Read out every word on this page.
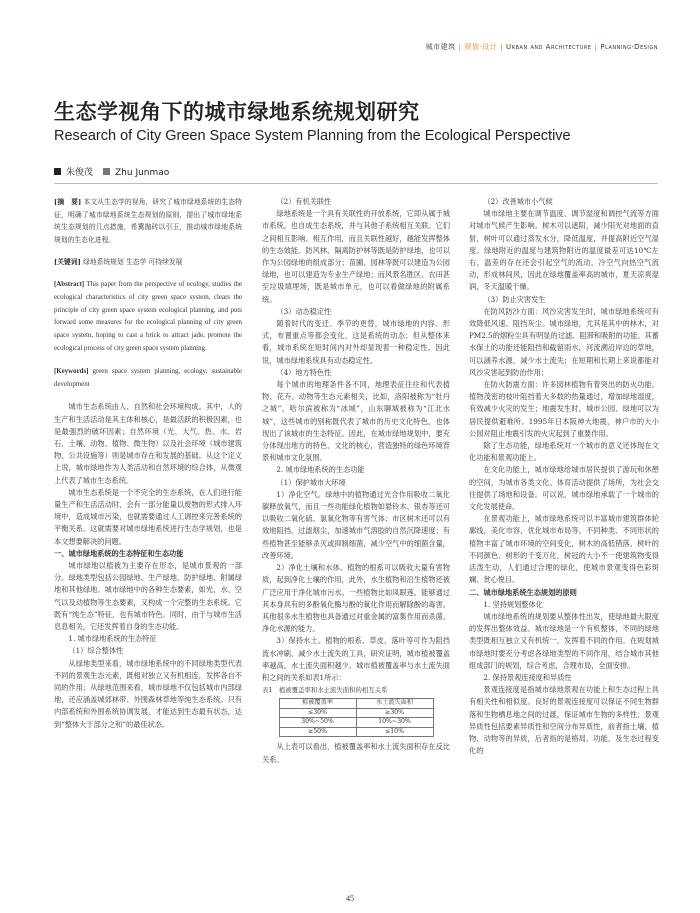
城市建筑 | 规划·设计 | Urban and Architecture | Planning·Design
生态学视角下的城市绿地系统规划研究
Research of City Green Space System Planning from the Ecological Perspective
朱俊茂 Zhu Junmao
[摘　要] 本文从生态学的视角，研究了城市绿地系统的生态特征，明确了城市绿地系统生态规划的原则，提出了城市绿地系统生态规划的几点措施，希冀抛砖以引玉，推动城市绿地系统规划的生态化进程。
[关键词] 绿地系统规划 生态学 可持续发展
[Abstract] This paper from the perspective of ecology, studies the ecological characteristics of city green space system, clears the principle of city green space system ecological planning, and puts forward some measures for the ecological planning of city green space system, hoping to cast a brick to attract jade, promote the ecological process of city green space system planning.
[Keywords] green space system planning, ecology, sustainable development

城市生态系统由人、自然和社会环境构成。其中，人的生产和生活活动是其主体和核心，是最活跃的积极因素，也是最强烈的破坏因素；自然环境（光、大气、热、水、岩石、土壤、动物、植物、微生物）以及社会环境（城市建筑物、公共设施等）则是城市存在和发展的基础。从这个定义上说，城市绿地作为人类活动和自然环境的综合体，从微观上代表了城市生态系统。

城市生态系统是一个不完全的生态系统，在人们进行能量生产和生活活动时，会有一部分能量以废物的形式排入环境中，造成城市污染，也就需要通过人工调控来完善系统的平衡关系。这就需要对城市绿地系统进行生态学规划，也是本文想要解决的问题。

一、城市绿地系统的生态特征和生态功能

城市绿地以植被为主要存在形态，是城市景观的一部分。绿地类型包括公园绿地、生产绿地、防护绿地、附属绿地和其他绿地。城市绿地中的各种生态要素，如光、水、空气以及动植物等生态要素，又构成一个完整的生态系统。它既有“纯生态”特征，也有城市特色。同时，由于与城市生活息息相关，它还发挥着自身的生态功能。

1. 城市绿地系统的生态特征

（1）综合整体性

从绿地类型来看，城市绿地系统中的不同绿地类型代表不同的景观生态元素，既相对独立又有机相连，发挥各自不同的作用；从绿地范围来看，城市绿地不仅包括城市内部绿地，还应涵盖城郊林带、外围森林草地等纯生态系统。只有内部系统和外围系统协调发展，才能达到生态最有状态，达到“整体大于部分之和”的最佳状态。

（2）有机关联性

绿地系统是一个具有关联性的开放系统，它即从属于城市系统，也自成生态系统，并与其他子系统相互关联。它们之间相互影响、相互作用，而且关联性越好，越能发挥整体的生态效能。防风林、隔离防护林等既是防护绿地，也可以作为公园绿地的组成部分；苗圃、园林等既可以建造为公园绿地，也可以建造为专业生产绿地；而风景名胜区、农田甚至垃圾填埋场，既是城市单元，也可以看做绿地的附属系统。

（3）动态稳定性

随着时代的变迁、季节的更替，城市绿地的内容、形式，布置重点等都会变化，这是系统的动态；但从整体来看，城市系统在短时间内对外却显现着一种稳定性。因此说，城市绿地系统具有动态稳定性。

（4）地方特色性

每个城市的地理条件各不同，地理表征往往和代表植物、花卉、动物等生态元素相关，比如，洛阳被称为“牡丹之城”，哈尔滨被称为“冰城”，山东聊城被称为“江北水城”，这些城市的别称既代表了城市的历史文化特色，也体现出了该城市的生态特征。因此，在城市绿地规划中，要充分体现出地方的特色、文化的核心，营造独特的绿色环境背景和城市文化氛围。

2. 城市绿地系统的生态功能

（1）保护城市大环境

1）净化空气。绿地中的植物通过光合作用吸收二氧化碳释放氧气，而且一些功能绿化植物如悬铃木、银杏等还可以吸收二氧化硫、氯氧化物等有害气体；市区树木还可以有效地阻挡、过滤烟尘，加速城市气溶胶的自然沉降速度；有些植物甚至能够杀灭或抑制细菌，减少空气中的细菌含量，改善环境。

2）净化土壤和水体。植物的根系可以吸收大量有害物质，起到净化土壤的作用，此外，水生植物和沿生植物还被广泛应用于净化城市污水。一些植物比如凤眼莲，能够通过其本身具有的多酚氧化酶与酚的氧化作用而解除酚的毒害。其他很多水生植物也具备通过对重金属的富集作用而杀菌、净化水源的能力。

3）保持水土。植物的根系、草皮、落叶等可作为阻挡流水冲刷、减少水土流失的工具，研究证明，城市植被覆盖率越高，水土流失面积越少。城市植被覆盖率与水土流失面积之间的关系如表1所示：

表1　植被覆盖率和水土流失面积的相互关系

植被覆盖率	水土流失面积
≤30%	≥30%
30%~50%	10%~30%
≥50%	≤10%

从上表可以看出，植被覆盖率和水土流失面积存在反比关系。

（2）改善城市小气候

城市绿地主要在调节温度、调节湿度和调控气流等方面对城市气候产生影响。树木可以遮阳，减少阳光对地面的直射，树叶可以通过蒸发水分，降低温度，并提高附近空气湿度。绿地附近的温度与建筑物附近的温度最差可达10℃左右，温差的存在还会引起空气的流动，冷空气向热空气流动，形成林间风，因此在绿地覆盖率高的城市，夏天凉爽湿润，冬天温暖干燥。

（3）防止灾害发生

在防风防沙方面：风沙灾害发生时，城市绿地系统可有效降低风速、阻挡灰尘。城市绿地，尤其是其中的林木，对PM2.5的烟粉尘具有明显的过滤、阻滞和吸附的功能。其蓄水保土的功能还能阻挡和截留雨水，河流溯沿岸边的草地，可以涵养水源，减少水土流失；在短期和长期上来说都能对风沙灾害起到防治作用；

在防火防震方面：许多园林植物有着突出的防火功能。植物茂密的枝叶阻挡着大多数的热量通过，增加绿地湿度，有效减少火灾的发生；地震发生时，城市公园、绿地可以为居民提供避难所。1995年日本阪神大地震，神户市的大小公园对阻止地震引发的火灾起到了重要作用。

除了生态功能，绿地系统对一个城市的意义还体现在文化功能和景观功能上。

在文化功能上，城市绿地给城市居民提供了游玩和休憩的空间，为城市各类文化、体育活动提供了场所，为社会交往提供了场地和设备。可以说，城市绿地承载了一个城市的文化发展使命。

在景观功能上，城市绿地系统可以丰富城市建筑群体轮廓线，美化市容，优化城市布局等。不同种类、不同形状的植物丰富了城市环境的空间变化，树木的高低错落、树叶的不同颜色、树形的千变万化，树冠的大小不一使建筑物变得活泼生动，人们通过合理的绿化，使城市景观变得色彩斑斓、赏心悦目。

二、城市绿地系统生态规划的原则

1. 坚持规划整体化

城市绿地系统的规划要从整体性出发，使绿地最大限度的发挥出整体效益。城市绿地是一个有机整体，不同的绿地类型既相互独立又有机统一，发挥着不同的作用。在规划城市绿地时要充分考虑各绿地类型的不同作用，结合城市其他组成部门的规划，综合考虑，合理布局，全面安排。

2. 保持景观连接度和异质性

景观连接度是指城市绿地景观在功能上和生态过程上具有相关性和相似度。良好的景观连接度可以保证不同生物群落和生物栖息地之间的过渡，保证城市生物的多样性；景观异质性包括要素异质性和空间分布异质性，前者指土壤、植物、动物等的异质，后者指的是格局、功能、及生态过程变化的

45
